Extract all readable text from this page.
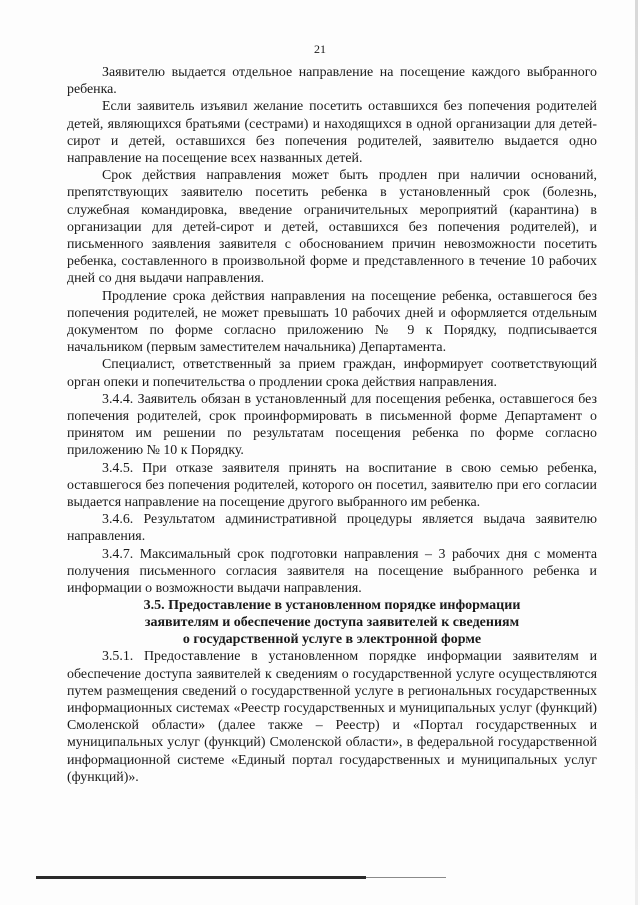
21

Заявителю выдается отдельное направление на посещение каждого выбранного ребенка.

Если заявитель изъявил желание посетить оставшихся без попечения родителей детей, являющихся братьями (сестрами) и находящихся в одной организации для детей-сирот и детей, оставшихся без попечения родителей, заявителю выдается одно направление на посещение всех названных детей.

Срок действия направления может быть продлен при наличии оснований, препятствующих заявителю посетить ребенка в установленный срок (болезнь, служебная командировка, введение ограничительных мероприятий (карантина) в организации для детей-сирот и детей, оставшихся без попечения родителей), и письменного заявления заявителя с обоснованием причин невозможности посетить ребенка, составленного в произвольной форме и представленного в течение 10 рабочих дней со дня выдачи направления.

Продление срока действия направления на посещение ребенка, оставшегося без попечения родителей, не может превышать 10 рабочих дней и оформляется отдельным документом по форме согласно приложению № 9 к Порядку, подписывается начальником (первым заместителем начальника) Департамента.

Специалист, ответственный за прием граждан, информирует соответствующий орган опеки и попечительства о продлении срока действия направления.

3.4.4. Заявитель обязан в установленный для посещения ребенка, оставшегося без попечения родителей, срок проинформировать в письменной форме Департамент о принятом им решении по результатам посещения ребенка по форме согласно приложению № 10 к Порядку.

3.4.5. При отказе заявителя принять на воспитание в свою семью ребенка, оставшегося без попечения родителей, которого он посетил, заявителю при его согласии выдается направление на посещение другого выбранного им ребенка.

3.4.6. Результатом административной процедуры является выдача заявителю направления.

3.4.7. Максимальный срок подготовки направления – 3 рабочих дня с момента получения письменного согласия заявителя на посещение выбранного ребенка и информации о возможности выдачи направления.

3.5. Предоставление в установленном порядке информации
заявителям и обеспечение доступа заявителей к сведениям
о государственной услуге в электронной форме

3.5.1. Предоставление в установленном порядке информации заявителям и обеспечение доступа заявителей к сведениям о государственной услуге осуществляются путем размещения сведений о государственной услуге в региональных государственных информационных системах «Реестр государственных и муниципальных услуг (функций) Смоленской области» (далее также – Реестр) и «Портал государственных и муниципальных услуг (функций) Смоленской области», в федеральной государственной информационной системе «Единый портал государственных и муниципальных услуг (функций)».
